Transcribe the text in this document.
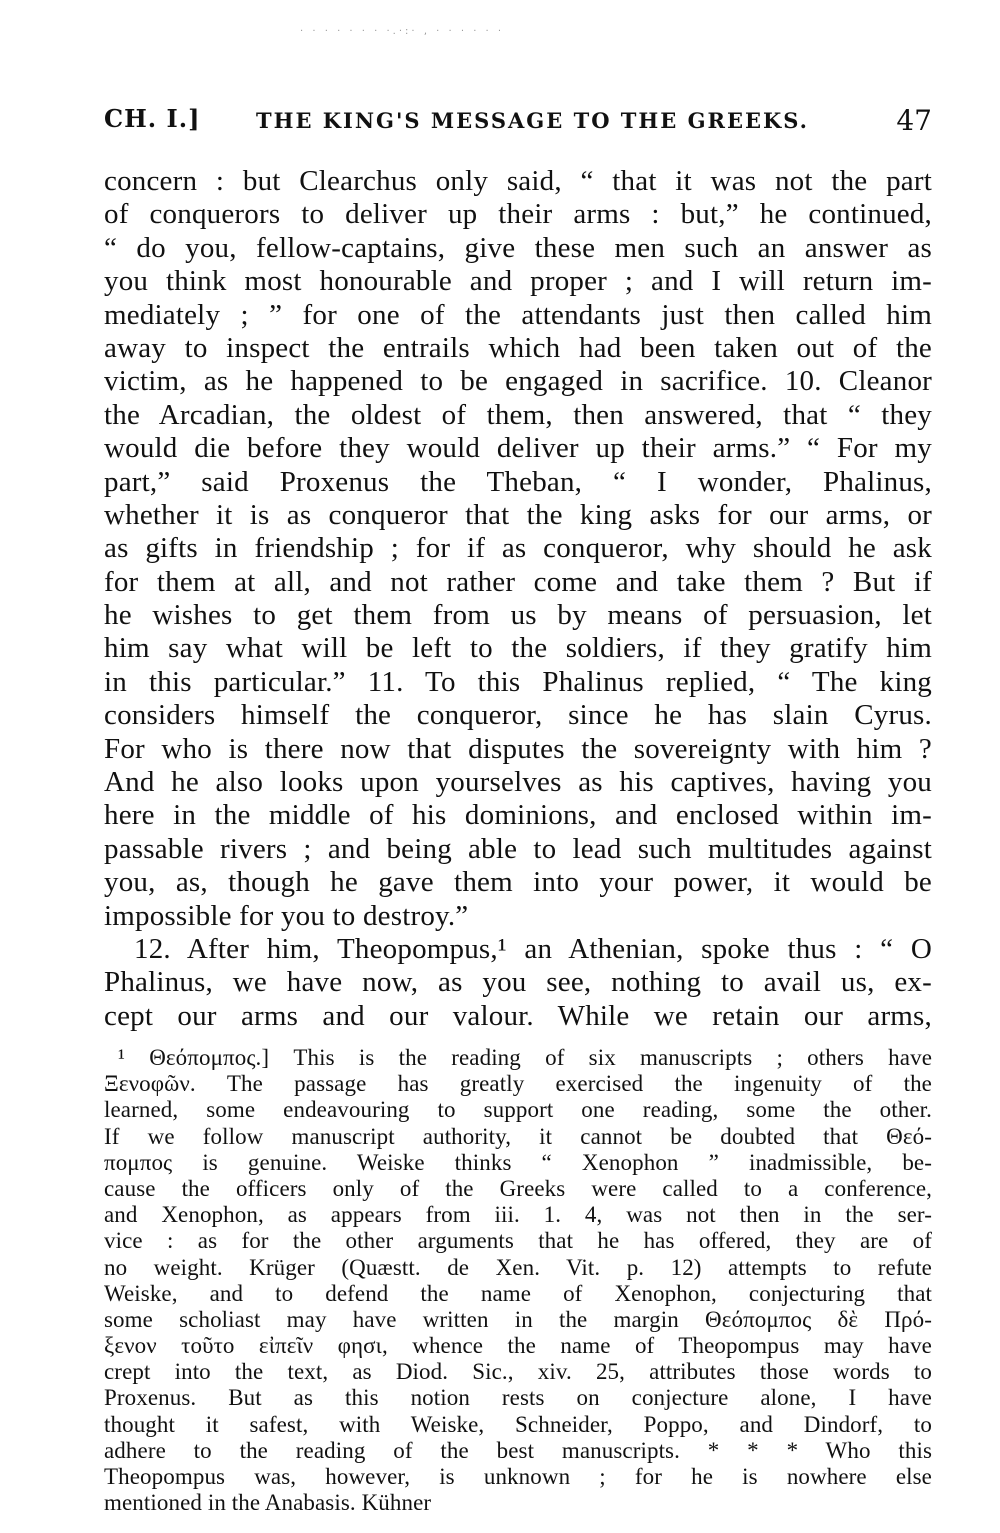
· · · · · · · ·.·:· ‚ · · · · · ·
CH. I.]	THE KING'S MESSAGE TO THE GREEKS.	47
concern : but Clearchus only said, “ that it was not the part
of conquerors to deliver up their arms : but,” he continued,
“ do you, fellow-captains, give these men such an answer as
you think most honourable and proper ; and I will return im-
mediately ; ” for one of the attendants just then called him
away to inspect the entrails which had been taken out of the
victim, as he happened to be engaged in sacrifice. 10. Cleanor
the Arcadian, the oldest of them, then answered, that “ they
would die before they would deliver up their arms.” “ For my
part,” said Proxenus the Theban, “ I wonder, Phalinus,
whether it is as conqueror that the king asks for our arms, or
as gifts in friendship ; for if as conqueror, why should he ask
for them at all, and not rather come and take them ? But if
he wishes to get them from us by means of persuasion, let
him say what will be left to the soldiers, if they gratify him
in this particular.” 11. To this Phalinus replied, “ The king
considers himself the conqueror, since he has slain Cyrus.
For who is there now that disputes the sovereignty with him ?
And he also looks upon yourselves as his captives, having you
here in the middle of his dominions, and enclosed within im-
passable rivers ; and being able to lead such multitudes against
you, as, though he gave them into your power, it would be
impossible for you to destroy.”
12. After him, Theopompus,¹ an Athenian, spoke thus : “ O
Phalinus, we have now, as you see, nothing to avail us, ex-
cept our arms and our valour. While we retain our arms,
¹ Θεόπομπος.] This is the reading of six manuscripts ; others have
Ξενοφῶν. The passage has greatly exercised the ingenuity of the
learned, some endeavouring to support one reading, some the other.
If we follow manuscript authority, it cannot be doubted that Θεό-
πομπος is genuine. Weiske thinks “ Xenophon ” inadmissible, be-
cause the officers only of the Greeks were called to a conference,
and Xenophon, as appears from iii. 1. 4, was not then in the ser-
vice : as for the other arguments that he has offered, they are of
no weight. Krüger (Quæstt. de Xen. Vit. p. 12) attempts to refute
Weiske, and to defend the name of Xenophon, conjecturing that
some scholiast may have written in the margin Θεόπομπος δὲ Πρό-
ξενον τοῦτο εἰπεῖν φησι, whence the name of Theopompus may have
crept into the text, as Diod. Sic., xiv. 25, attributes those words to
Proxenus. But as this notion rests on conjecture alone, I have
thought it safest, with Weiske, Schneider, Poppo, and Dindorf, to
adhere to the reading of the best manuscripts. * * * Who this
Theopompus was, however, is unknown ; for he is nowhere else
mentioned in the Anabasis. Kühner
